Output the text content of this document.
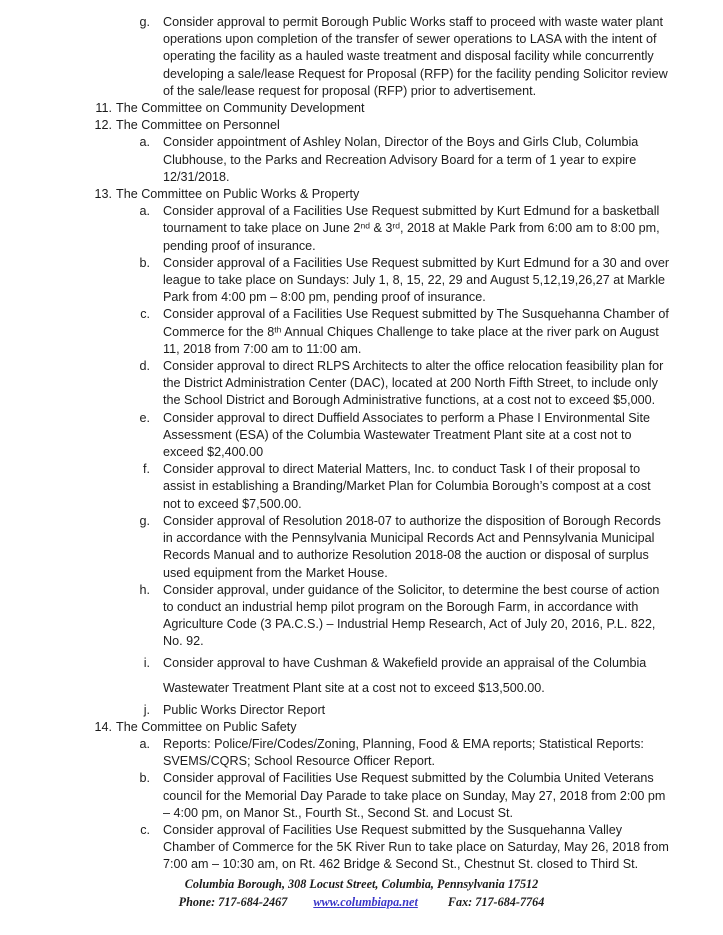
g. Consider approval to permit Borough Public Works staff to proceed with waste water plant operations upon completion of the transfer of sewer operations to LASA with the intent of operating the facility as a hauled waste treatment and disposal facility while concurrently developing a sale/lease Request for Proposal (RFP) for the facility pending Solicitor review of the sale/lease request for proposal (RFP) prior to advertisement.
11. The Committee on Community Development
12. The Committee on Personnel
a. Consider appointment of Ashley Nolan, Director of the Boys and Girls Club, Columbia Clubhouse, to the Parks and Recreation Advisory Board for a term of 1 year to expire 12/31/2018.
13. The Committee on Public Works & Property
a. Consider approval of a Facilities Use Request submitted by Kurt Edmund for a basketball tournament to take place on June 2nd & 3rd, 2018 at Makle Park from 6:00 am to 8:00 pm, pending proof of insurance.
b. Consider approval of a Facilities Use Request submitted by Kurt Edmund for a 30 and over league to take place on Sundays: July 1, 8, 15, 22, 29 and August 5,12,19,26,27 at Markle Park from 4:00 pm – 8:00 pm, pending proof of insurance.
c. Consider approval of a Facilities Use Request submitted by The Susquehanna Chamber of Commerce for the 8th Annual Chiques Challenge to take place at the river park on August 11, 2018 from 7:00 am to 11:00 am.
d. Consider approval to direct RLPS Architects to alter the office relocation feasibility plan for the District Administration Center (DAC), located at 200 North Fifth Street, to include only the School District and Borough Administrative functions, at a cost not to exceed $5,000.
e. Consider approval to direct Duffield Associates to perform a Phase I Environmental Site Assessment (ESA) of the Columbia Wastewater Treatment Plant site at a cost not to exceed $2,400.00
f. Consider approval to direct Material Matters, Inc. to conduct Task I of their proposal to assist in establishing a Branding/Market Plan for Columbia Borough’s compost at a cost not to exceed $7,500.00.
g. Consider approval of Resolution 2018-07 to authorize the disposition of Borough Records in accordance with the Pennsylvania Municipal Records Act and Pennsylvania Municipal Records Manual and to authorize Resolution 2018-08 the auction or disposal of surplus used equipment from the Market House.
h. Consider approval, under guidance of the Solicitor, to determine the best course of action to conduct an industrial hemp pilot program on the Borough Farm, in accordance with Agriculture Code (3 PA.C.S.) – Industrial Hemp Research, Act of July 20, 2016, P.L. 822, No. 92.
i. Consider approval to have Cushman & Wakefield provide an appraisal of the Columbia Wastewater Treatment Plant site at a cost not to exceed $13,500.00.
j. Public Works Director Report
14. The Committee on Public Safety
a. Reports: Police/Fire/Codes/Zoning, Planning, Food & EMA reports; Statistical Reports: SVEMS/CQRS; School Resource Officer Report.
b. Consider approval of Facilities Use Request submitted by the Columbia United Veterans council for the Memorial Day Parade to take place on Sunday, May 27, 2018 from 2:00 pm – 4:00 pm, on Manor St., Fourth St., Second St. and Locust St.
c. Consider approval of Facilities Use Request submitted by the Susquehanna Valley Chamber of Commerce for the 5K River Run to take place on Saturday, May 26, 2018 from 7:00 am – 10:30 am, on Rt. 462 Bridge & Second St., Chestnut St. closed to Third St.
Columbia Borough, 308 Locust Street, Columbia, Pennsylvania 17512
Phone: 717-684-2467 www.columbiapa.net Fax: 717-684-7764
